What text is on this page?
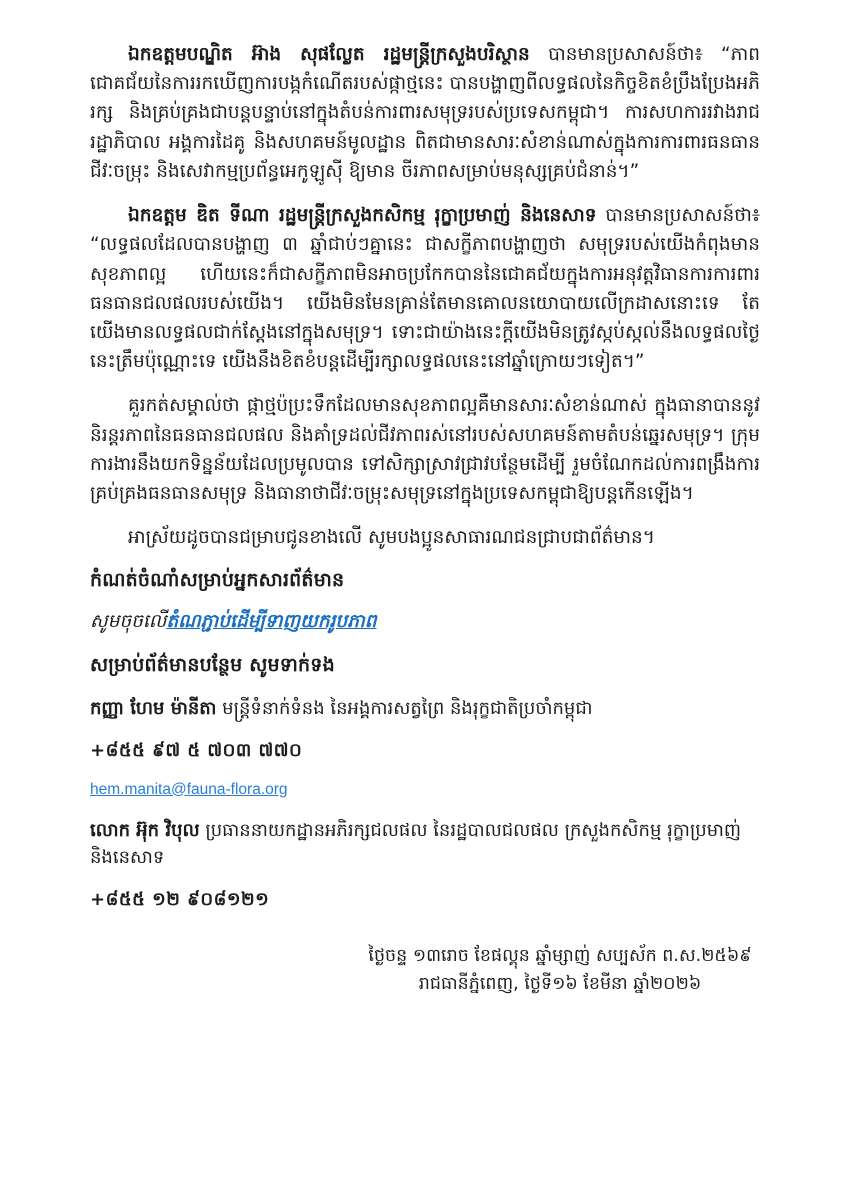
ឯកឧត្តមបណ្ឌិត អ៊ាង សុផល្លែត រដ្ឋមន្ត្រីក្រសួងបរិស្ថាន បានមានប្រសាសន៍ថា៖ “ភាពជោគជ័យនៃការរកឃើញការបង្កកំណើតរបស់ផ្កាថ្មនេះ បានបង្ហាញពីលទ្ធផលនៃកិច្ចខិតខំប្រឹងប្រែងអភិរក្ស និងគ្រប់គ្រងជាបន្តបន្ទាប់នៅក្នុងតំបន់ការពារសមុទ្ររបស់ប្រទេសកម្ពុជា។ ការសហការរវាងរាជរដ្ឋាភិបាល អង្គការដៃគូ និងសហគមន៍មូលដ្ឋាន ពិតជាមានសារៈសំខាន់ណាស់ក្នុងការការពារធនធានជីវៈចម្រុះ និងសេវាកម្មប្រព័ន្ធអេកូឡូស៊ី ឱ្យមាន ចីរភាពសម្រាប់មនុស្សគ្រប់ជំនាន់។”

ឯកឧត្តម ឌិត ទីណា រដ្ឋមន្ត្រីក្រសួងកសិកម្ម រុក្ខាប្រមាញ់ និងនេសាទ បានមានប្រសាសន៍ថា៖ “លទ្ធផលដែលបានបង្ហាញ ៣ ឆ្នាំជាប់ៗគ្នានេះ ជាសក្ខីភាពបង្ហាញថា សមុទ្ររបស់យើងកំពុងមានសុខភាពល្អ ហើយនេះក៏ជាសក្ខីភាពមិនអាចប្រកែកបាននៃជោគជ័យក្នុងការអនុវត្តវិធានការការពារធនធានជលផលរបស់យើង។ យើងមិនមែនគ្រាន់តែមានគោលនយោបាយលើក្រដាសនោះទេ តែយើងមានលទ្ធផលជាក់ស្តែងនៅក្នុងសមុទ្រ។ ទោះជាយ៉ាងនេះក្តីយើងមិនត្រូវស្កប់ស្កល់នឹងលទ្ធផលថ្ងៃនេះត្រឹមប៉ុណ្ណោះទេ យើងនឹងខិតខំបន្តដើម្បីរក្សាលទ្ធផលនេះនៅឆ្នាំក្រោយៗទៀត។”

គួរកត់សម្គាល់ថា ផ្កាថ្មប៉ប្រះទឹកដែលមានសុខភាពល្អគឺមានសារៈសំខាន់ណាស់ ក្នុងធានាបាននូវនិរន្តរភាពនៃធនធានជលផល និងគាំទ្រដល់ជីវភាពរស់នៅរបស់សហគមន៍តាមតំបន់ឆ្នេរសមុទ្រ។ ក្រុមការងារនឹងយកទិន្នន័យដែលប្រមូលបាន ទៅសិក្សាស្រាវជ្រាវបន្ថែមដើម្បី រួមចំណែកដល់ការពង្រឹងការគ្រប់គ្រងធនធានសមុទ្រ និងធានាថាជីវៈចម្រុះសមុទ្រនៅក្នុងប្រទេសកម្ពុជាឱ្យបន្តកើនឡើង។

អាស្រ័យដូចបានជម្រាបជូនខាងលើ សូមបងប្អូនសាធារណជនជ្រាបជាព័ត៌មាន។

កំណត់ចំណាំសម្រាប់អ្នកសារព័ត៌មាន

សូមចុចលើតំណភ្ជាប់ដើម្បីទាញយករូបភាព

សម្រាប់ព័ត៌មានបន្ថែម សូមទាក់ទង

កញ្ញា ហែម ម៉ានីតា មន្ត្រីទំនាក់ទំនង នៃអង្គការសត្វព្រៃ និងរុក្ខជាតិប្រចាំកម្ពុជា

+៨៥៥ ៩៧ ៥ ៧០៣ ៧៧០

hem.manita@fauna-flora.org

លោក អ៊ុក វិបុល ប្រធាននាយកដ្ឋានអភិរក្សជលផល នៃរដ្ឋបាលជលផល ក្រសួងកសិកម្ម រុក្ខាប្រមាញ់ និងនេសាទ

+៨៥៥ ១២ ៩០៨១២១

ថ្ងៃចន្ទ ១៣រោច ខែផល្គុន ឆ្នាំម្សាញ់ សប្បស័ក ព.ស.២៥៦៩
រាជធានីភ្នំពេញ, ថ្ងៃទី១៦ ខែមីនា ឆ្នាំ២០២៦
